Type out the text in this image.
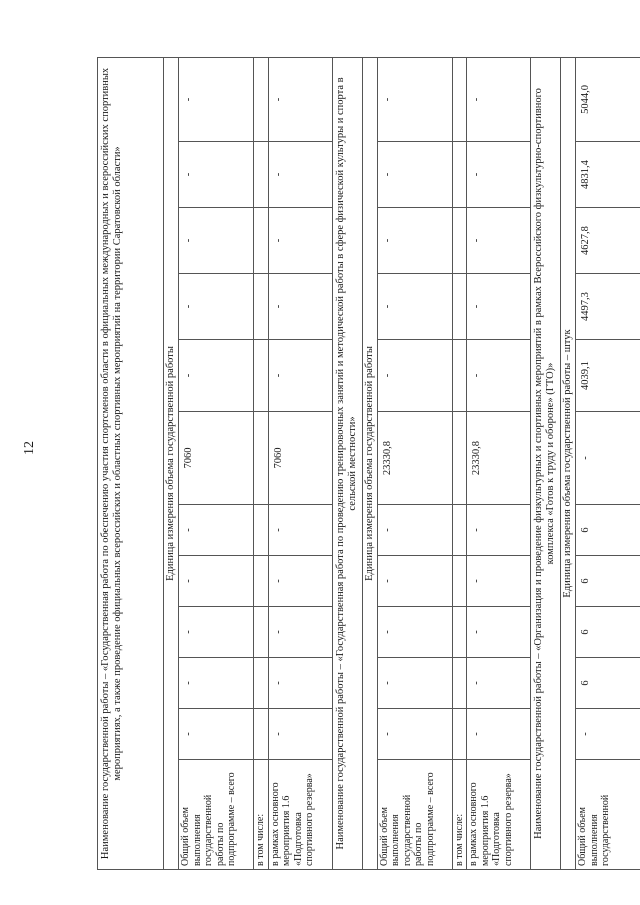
12	Наименование государственной работы – «Государственная работа по обеспечению участия спортсменов области в официальных международных и всероссийских спортивных мероприятиях, а также проведение официальных всероссийских и областных спортивных мероприятий на территории Саратовской области»											
Единица измерения объема государственной работы											
Общий объем выполнения государственной работы по подпрограмме – всего	-	-	-	-	-	7060	-	-	-	-	-
в том числе:											
в рамках основного мероприятия 1.6 «Подготовка спортивного резерва»	-	-	-	-	-	7060	-	-	-	-	-
Наименование государственной работы – «Государственная работа по проведению тренировочных занятий и методической работы в сфере физической культуры и спорта в сельской местности»											
Единица измерения объема государственной работы											
Общий объем выполнения государственной работы по подпрограмме – всего	-	-	-	-	-	23330,8	-	-	-	-	-
в том числе:											
в рамках основного мероприятия 1.6 «Подготовка спортивного резерва»	-	-	-	-	-	23330,8	-	-	-	-	-
Наименование государственной работы – «Организация и проведение физкультурных и спортивных мероприятий в рамках Всероссийского физкультурно-спортивного комплекса «Готов к труду и обороне» (ГТО)»											
Единица измерения объема государственной работы – штук											
Общий объем выполнения государственной	-	6	6	6	6	-	4039,1	4497,3	4627,8	4831,4	5044,0
